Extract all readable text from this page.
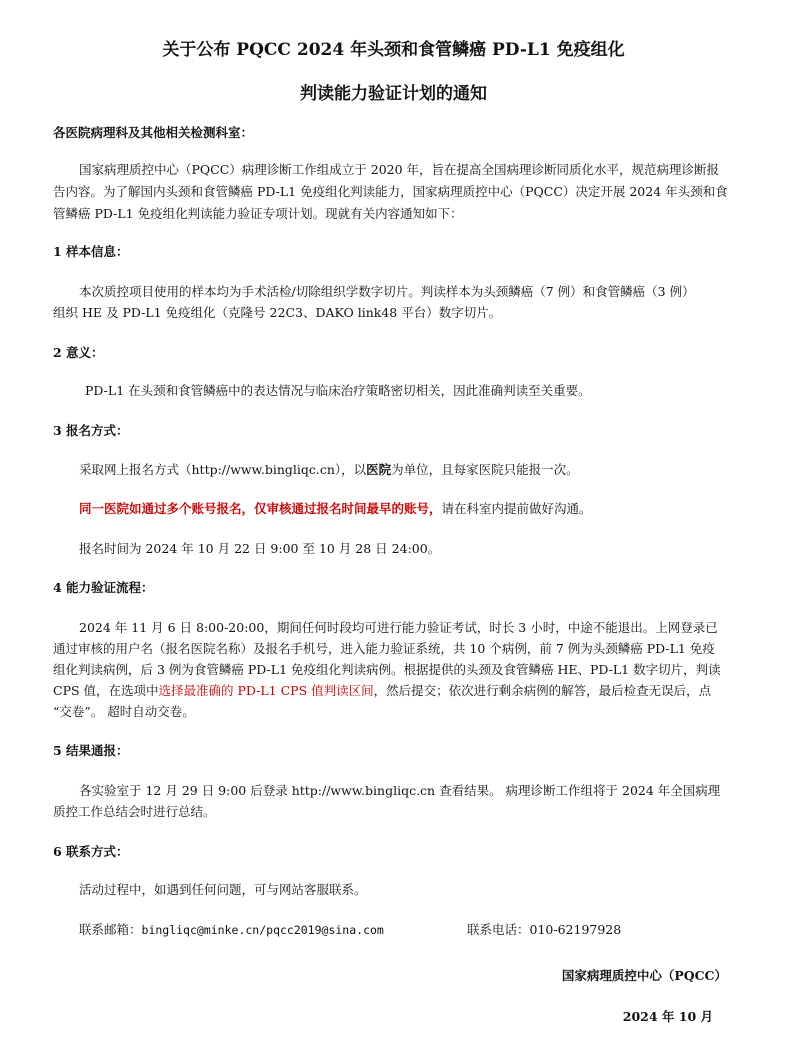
关于公布 PQCC 2024 年头颈和食管鳞癌 PD-L1 免疫组化
判读能力验证计划的通知
各医院病理科及其他相关检测科室：
国家病理质控中心（PQCC）病理诊断工作组成立于 2020 年，旨在提高全国病理诊断同质化水平，规范病理诊断报
告内容。为了解国内头颈和食管鳞癌 PD-L1 免疫组化判读能力，国家病理质控中心（PQCC）决定开展 2024 年头颈和食
管鳞癌 PD-L1 免疫组化判读能力验证专项计划。现就有关内容通知如下：
1 样本信息：
本次质控项目使用的样本均为手术活检/切除组织学数字切片。判读样本为头颈鳞癌（7 例）和食管鳞癌（3 例）
组织 HE 及 PD-L1 免疫组化（克隆号 22C3、DAKO link48 平台）数字切片。
2 意义：
PD-L1 在头颈和食管鳞癌中的表达情况与临床治疗策略密切相关，因此准确判读至关重要。
3 报名方式：
采取网上报名方式（http://www.bingliqc.cn），以医院为单位，且每家医院只能报一次。
同一医院如通过多个账号报名，仅审核通过报名时间最早的账号，请在科室内提前做好沟通。
报名时间为 2024 年 10 月 22 日 9:00 至 10 月 28 日 24:00。
4 能力验证流程：
2024 年 11 月 6 日 8:00-20:00，期间任何时段均可进行能力验证考试，时长 3 小时，中途不能退出。上网登录已
通过审核的用户名（报名医院名称）及报名手机号，进入能力验证系统，共 10 个病例，前 7 例为头颈鳞癌 PD-L1 免疫
组化判读病例，后 3 例为食管鳞癌 PD-L1 免疫组化判读病例。根据提供的头颈及食管鳞癌 HE、PD-L1 数字切片，判读
CPS 值，在选项中选择最准确的 PD-L1 CPS 值判读区间，然后提交；依次进行剩余病例的解答，最后检查无误后，点
“交卷”。 超时自动交卷。
5 结果通报：
各实验室于 12 月 29 日 9:00 后登录 http://www.bingliqc.cn 查看结果。 病理诊断工作组将于 2024 年全国病理
质控工作总结会时进行总结。
6 联系方式：
活动过程中，如遇到任何问题，可与网站客服联系。
联系邮箱：bingliqc@minke.cn/pqcc2019@sina.com	联系电话：010-62197928
国家病理质控中心（PQCC）
2024 年 10 月
